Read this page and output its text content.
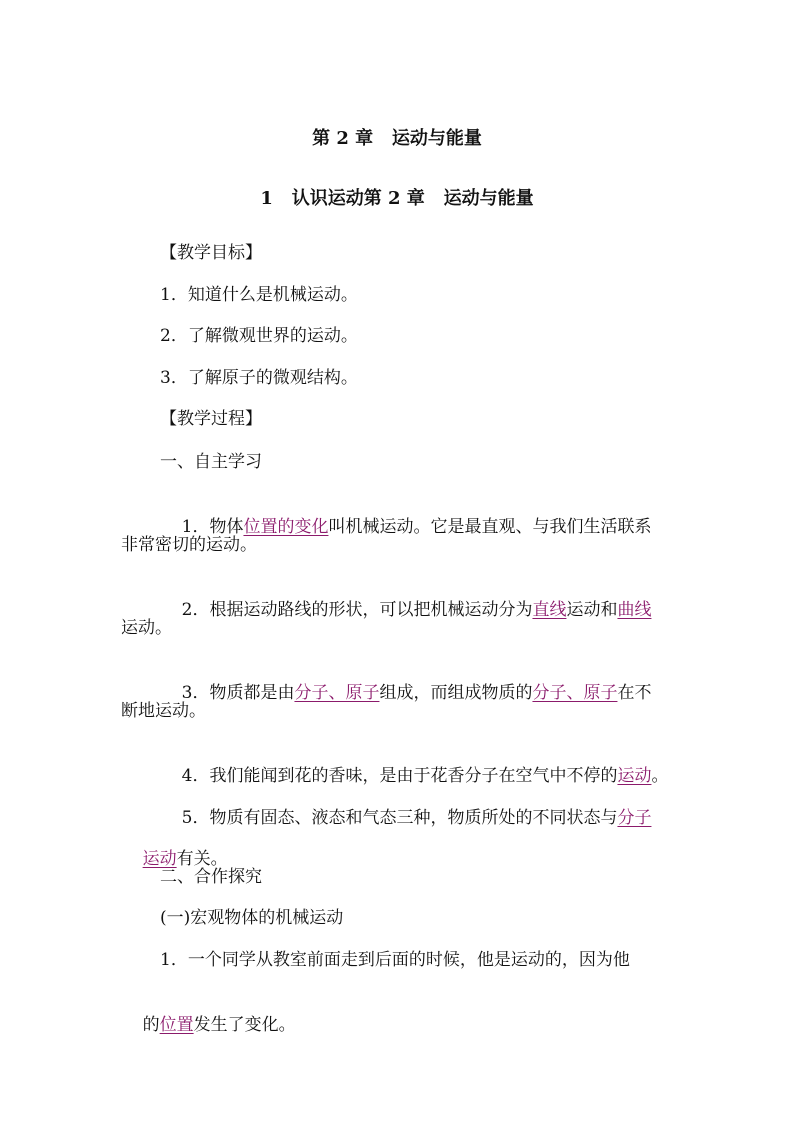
第 2 章   运动与能量
1   认识运动第 2 章   运动与能量
【教学目标】
1．知道什么是机械运动。
2．了解微观世界的运动。
3．了解原子的微观结构。
【教学过程】
一、自主学习

1．物体位置的变化叫机械运动。它是最直观、与我们生活联系

非常密切的运动。

2．根据运动路线的形状，可以把机械运动分为直线运动和曲线

运动。

3．物质都是由分子、原子组成，而组成物质的分子、原子在不

断地运动。

4．我们能闻到花的香味，是由于花香分子在空气中不停的运动。

5．物质有固态、液态和气态三种，物质所处的不同状态与分子

运动有关。

二、合作探究
(一)宏观物体的机械运动
1．一个同学从教室前面走到后面的时候，他是运动的，因为他

的位置发生了变化。
